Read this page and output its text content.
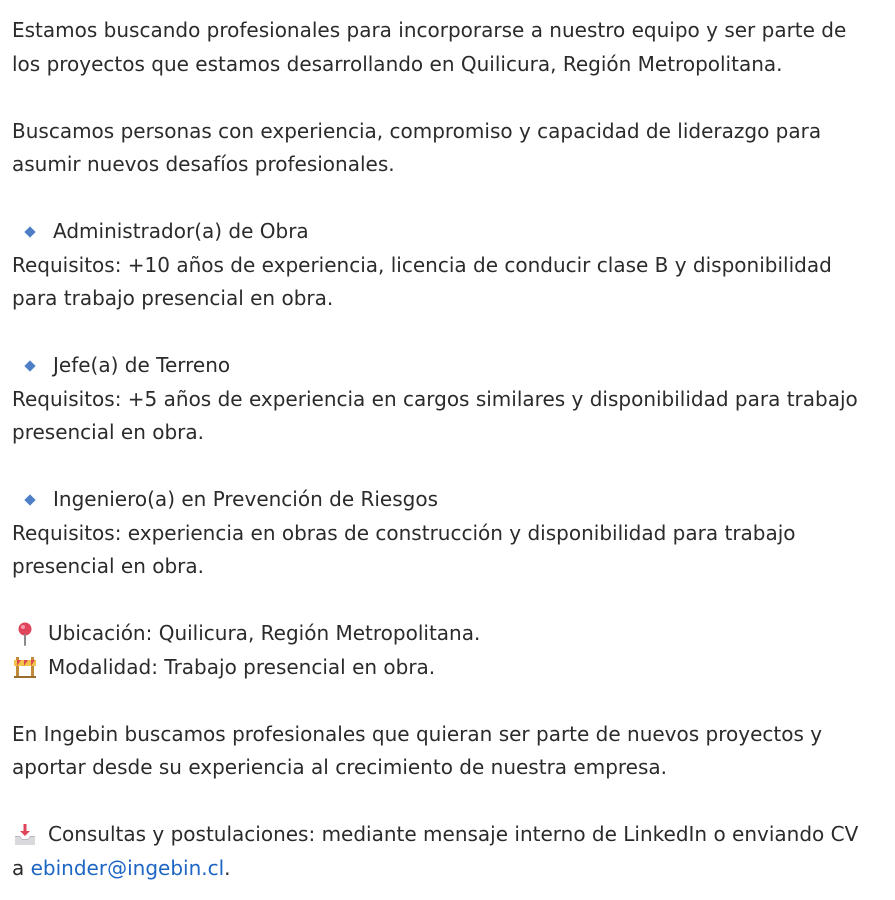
Estamos buscando profesionales para incorporarse a nuestro equipo y ser parte de
los proyectos que estamos desarrollando en Quilicura, Región Metropolitana.

Buscamos personas con experiencia, compromiso y capacidad de liderazgo para
asumir nuevos desafíos profesionales.

Administrador(a) de Obra
Requisitos: +10 años de experiencia, licencia de conducir clase B y disponibilidad
para trabajo presencial en obra.
Jefe(a) de Terreno
Requisitos: +5 años de experiencia en cargos similares y disponibilidad para trabajo
presencial en obra.
Ingeniero(a) en Prevención de Riesgos
Requisitos: experiencia en obras de construcción y disponibilidad para trabajo
presencial en obra.
Ubicación: Quilicura, Región Metropolitana.
Modalidad: Trabajo presencial en obra.

En Ingebin buscamos profesionales que quieran ser parte de nuevos proyectos y
aportar desde su experiencia al crecimiento de nuestra empresa.

Consultas y postulaciones: mediante mensaje interno de LinkedIn o enviando CV
a ebinder@ingebin.cl.
